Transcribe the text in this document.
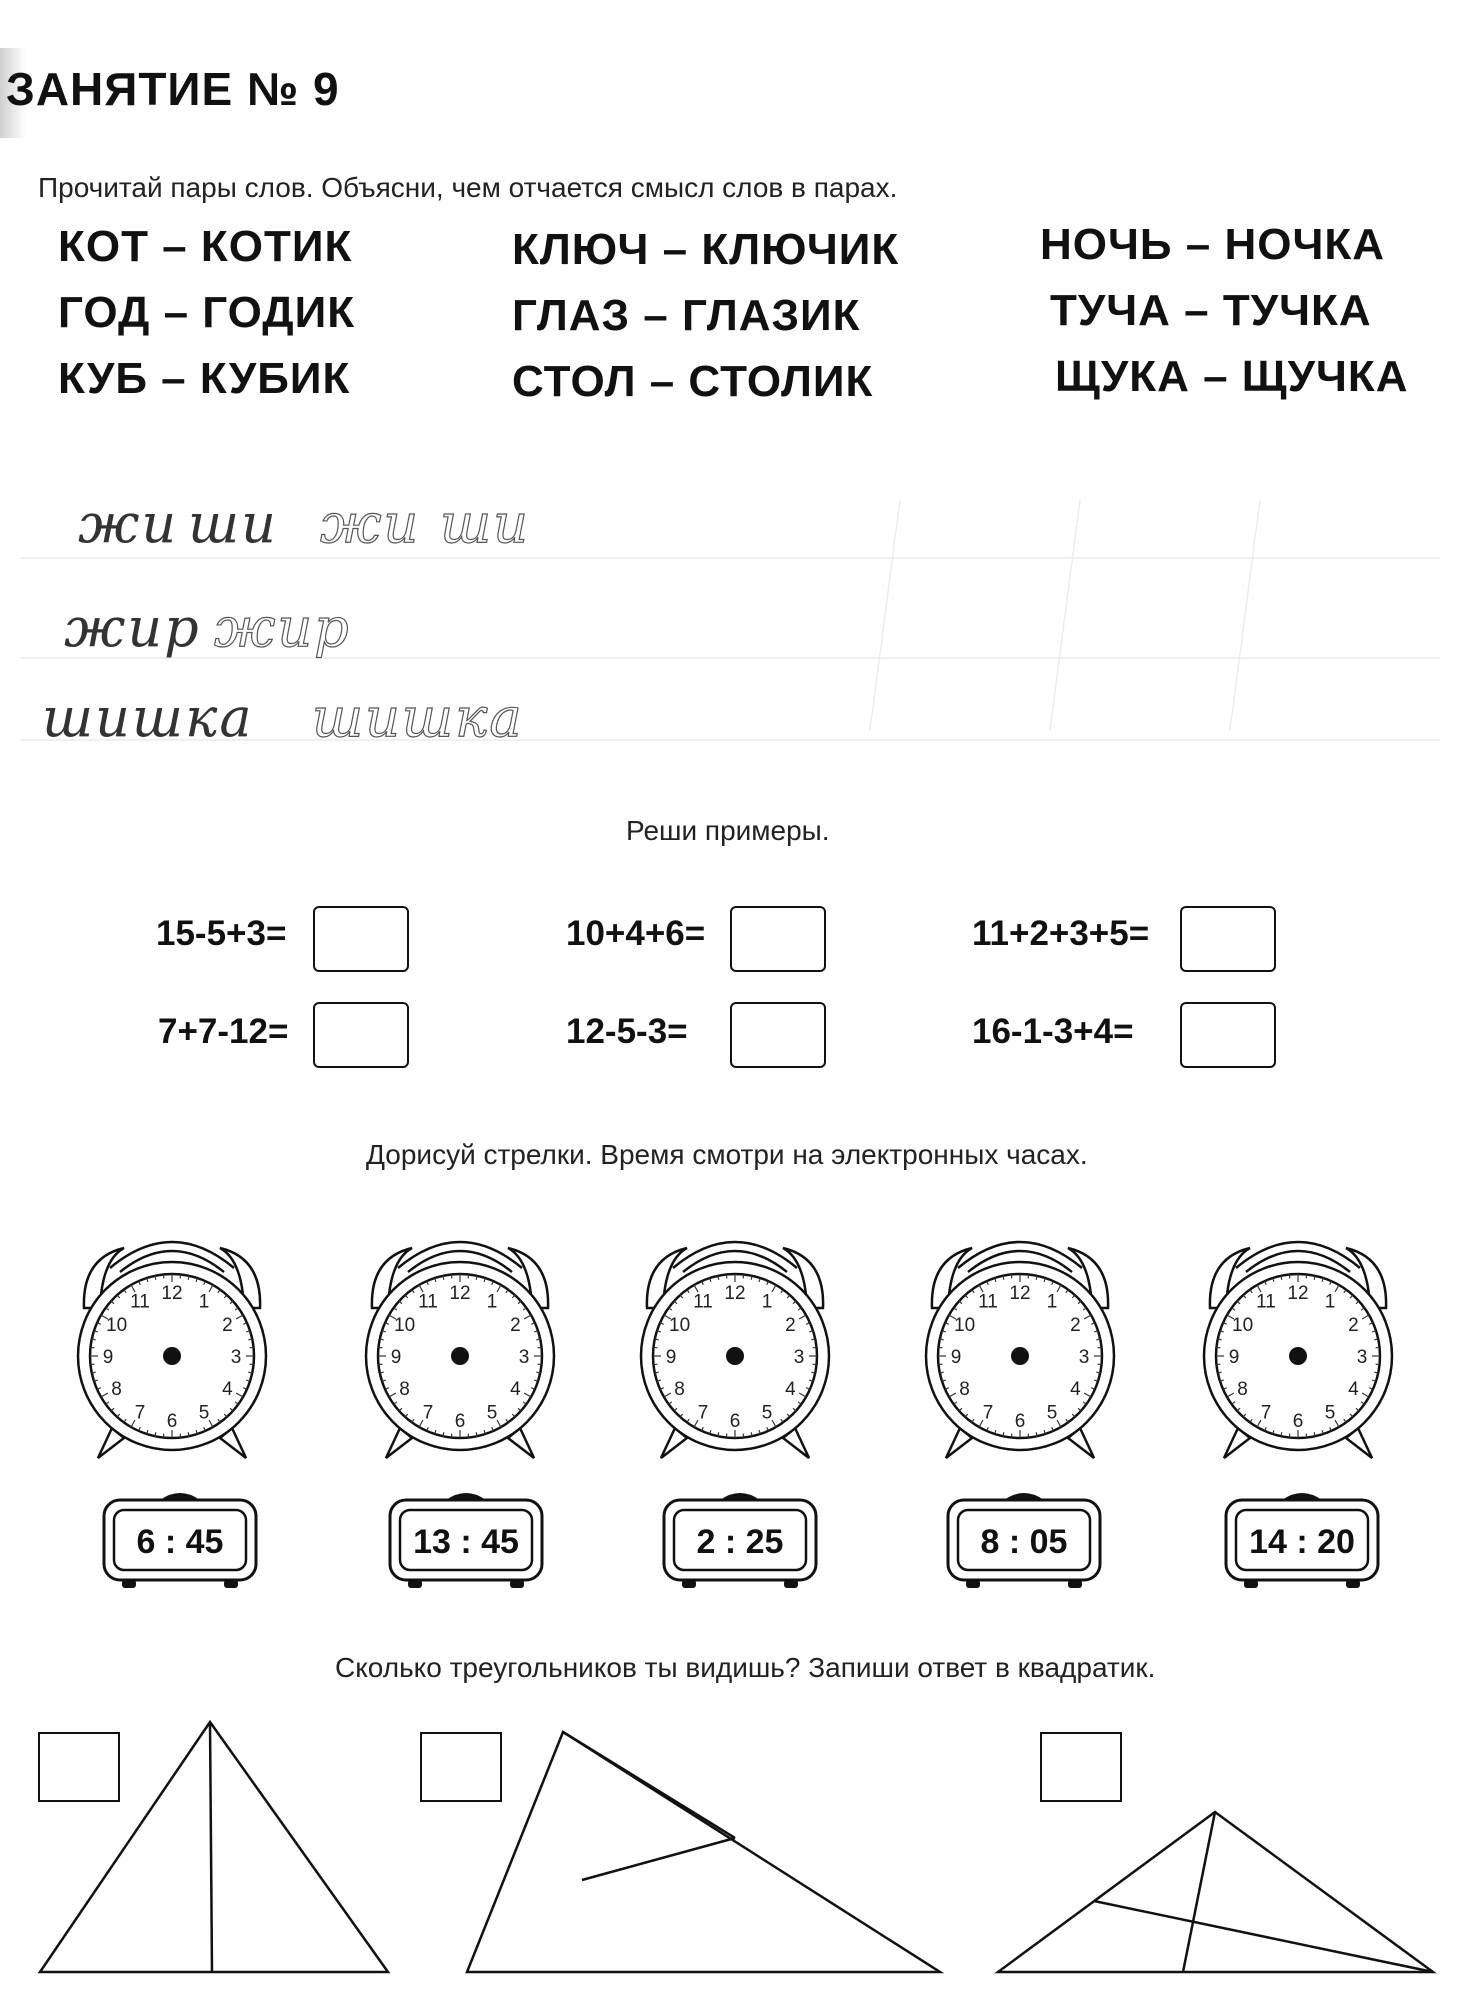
ЗАНЯТИЕ № 9
Прочитай пары слов. Объясни, чем отчается смысл слов в парах.
КОТ – КОТИК
ГОД – ГОДИК
КУБ – КУБИК
КЛЮЧ – КЛЮЧИК
ГЛАЗ – ГЛАЗИК
СТОЛ – СТОЛИК
НОЧЬ – НОЧКА
ТУЧА – ТУЧКА
ЩУКА – ЩУЧКА
жи ши жи ши
жир жир
шишка шишка
Реши примеры.
15-5+3=	10+4+6=	11+2+3+5=
7+7-12=	12-5-3=	16-1-3+4=
Дорисуй стрелки. Время смотри на электронных часах.
12 1
2
3
4
5
6
7
8
9
10
11
6 : 45
12 1
2
3
4
5
6
7
8
9
10
11
13 : 45
12 1
2
3
4
5
6
7
8
9
10
11
2 : 25
12 1
2
3
4
5
6
7
8
9
10
11
8 : 05
12 1
2
3
4
5
6
7
8
9
10
11
14 : 20
Сколько треугольников ты видишь? Запиши ответ в квадратик.
